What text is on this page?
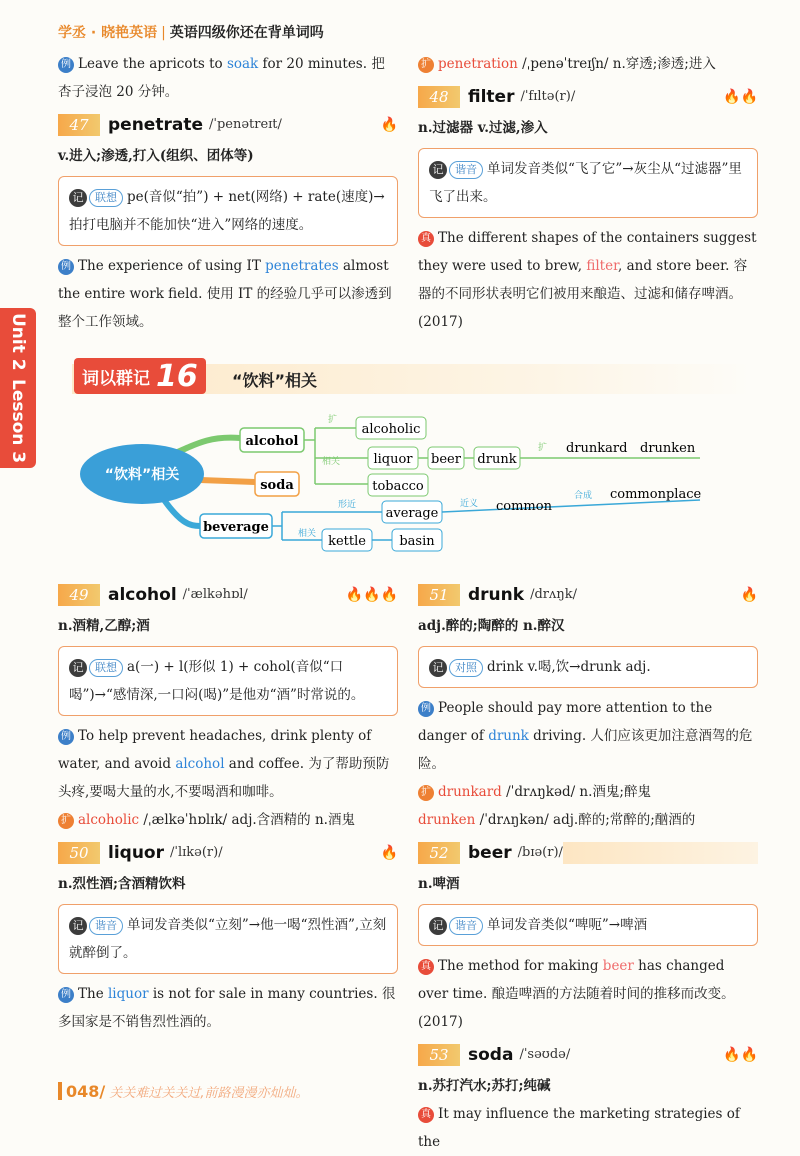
学丞 · 晓艳英语 | 英语四级你还在背单词吗
Unit 2
Lesson 3

例 Leave the apricots to soak for 20 minutes. 把杏子浸泡 20 分钟。

47	penetrate /ˈpenətreɪt/	🔥

v.进入;渗透,打入(组织、团体等)

记 联想 pe(音似“拍”) + net(网络) + rate(速度)→拍打电脑并不能加快“进入”网络的速度。

例 The experience of using IT penetrates almost the entire work field. 使用 IT 的经验几乎可以渗透到整个工作领域。

扩 penetration /ˌpenəˈtreɪʃn/ n.穿透;渗透;进入

48	filter /ˈfɪltə(r)/	🔥🔥

n.过滤器 v.过滤,渗入

记 谐音 单词发音类似“飞了它”→灰尘从“过滤器”里飞了出来。

真 The different shapes of the containers suggest they were used to brew, filter, and store beer. 容器的不同形状表明它们被用来酿造、过滤和储存啤酒。(2017)

词以群记 16 “饮料”相关
“饮料”相关
alcohol
soda
beverage
扩
相关
alcoholic
liquor beer drunk
扩 drunkard drunken
tobacco
形近
相关
average
近义 common
合成 commonplace
kettle	basin
49	alcohol /ˈælkəhɒl/	🔥🔥🔥

n.酒精,乙醇;酒

记 联想 a(一) + l(形似 1) + cohol(音似“口喝”)→“感情深,一口闷(喝)”是他劝“酒”时常说的。

例 To help prevent headaches, drink plenty of water, and avoid alcohol and coffee. 为了帮助预防头疼,要喝大量的水,不要喝酒和咖啡。

扩 alcoholic /ˌælkəˈhɒlɪk/ adj.含酒精的 n.酒鬼

50	liquor /ˈlɪkə(r)/	🔥

n.烈性酒;含酒精饮料

记 谐音 单词发音类似“立刻”→他一喝“烈性酒”,立刻就醉倒了。

例 The liquor is not for sale in many countries. 很多国家是不销售烈性酒的。

51	drunk /drʌŋk/	🔥

adj.醉的;陶醉的 n.醉汉

记 对照 drink v.喝,饮→drunk adj.

例 People should pay more attention to the danger of drunk driving. 人们应该更加注意酒驾的危险。

扩 drunkard /ˈdrʌŋkəd/ n.酒鬼;醉鬼

drunken /ˈdrʌŋkən/ adj.醉的;常醉的;酗酒的

52	beer /bɪə(r)/

n.啤酒

记 谐音 单词发音类似“啤呃”→啤酒

真 The method for making beer has changed over time. 酿造啤酒的方法随着时间的推移而改变。(2017)

53	soda /ˈsəʊdə/	🔥🔥

n.苏打汽水;苏打;纯碱

真 It may influence the marketing strategies of the

048/ 关关难过关关过,前路漫漫亦灿灿。
